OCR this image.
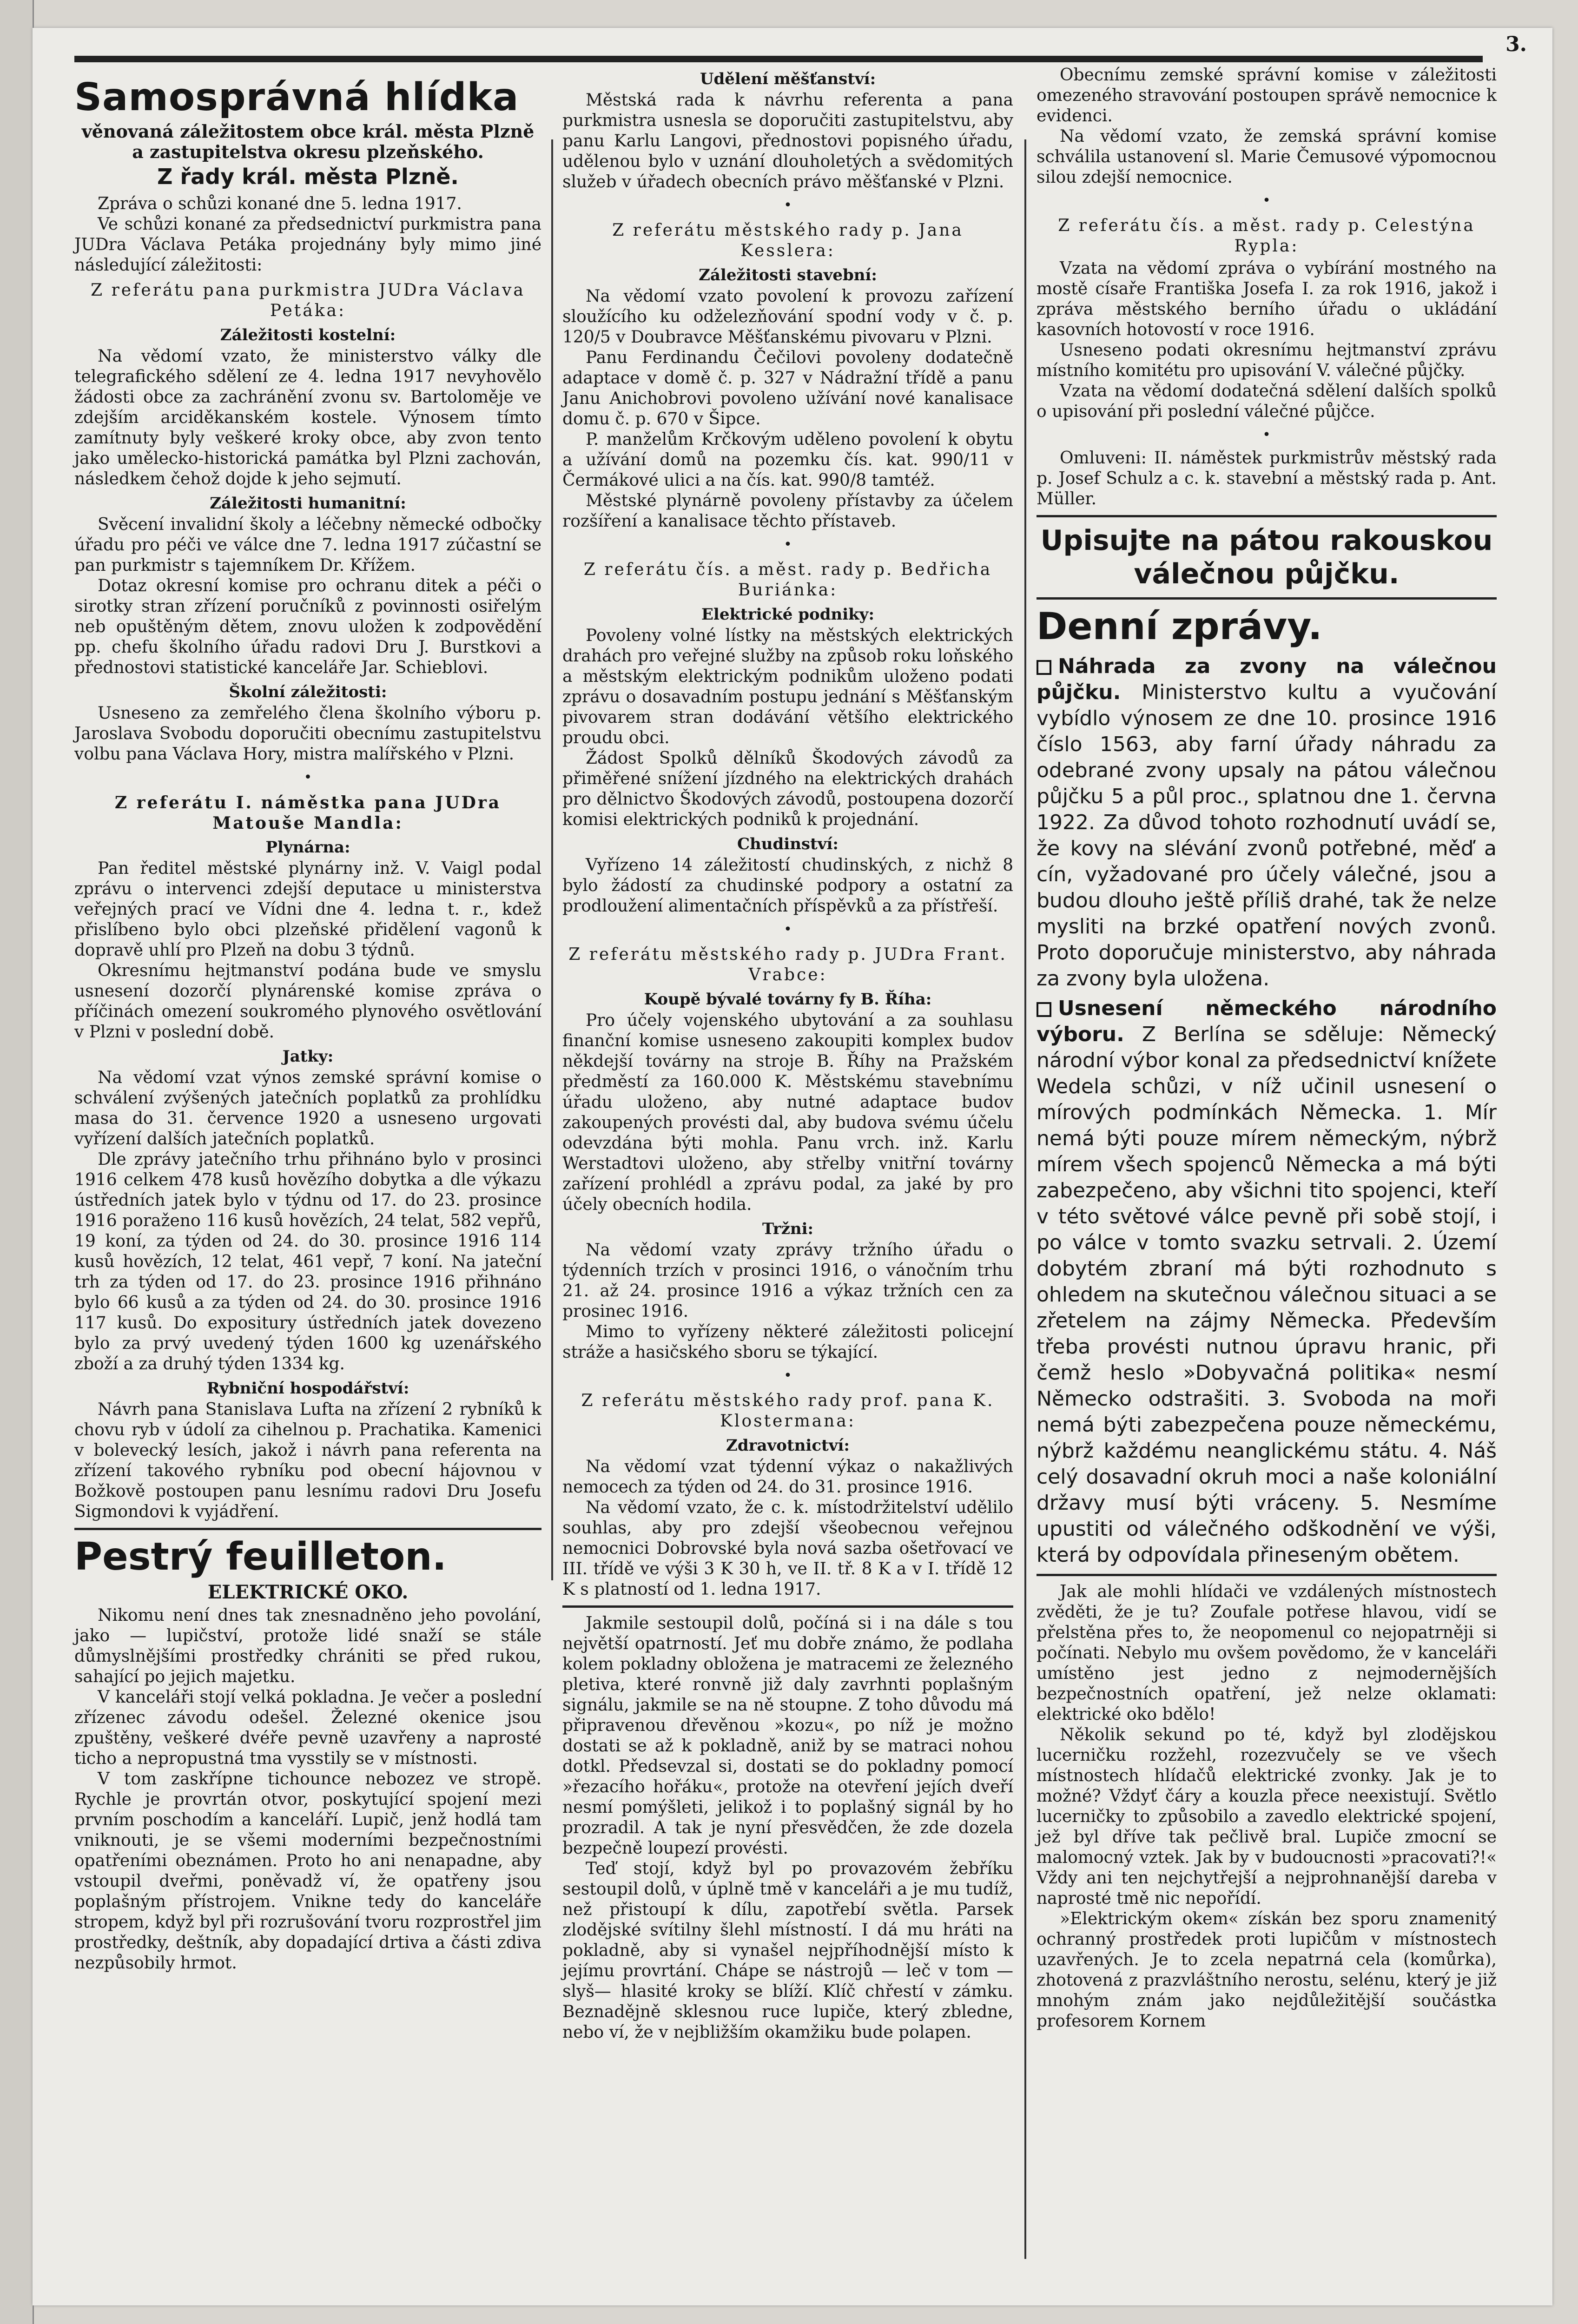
3.
Samosprávná hlídka
věnovaná záležitostem obce král. města Plzně a zastupitelstva okresu plzeňského.
Z řady král. města Plzně.

Zpráva o schůzi konané dne 5. ledna 1917.

Ve schůzi konané za předsednictví purkmistra pana JUDra Václava Petáka projednány byly mimo jiné následující záležitosti:

Z referátu pana purkmistra JUDra Václava Petáka:

Záležitosti kostelní:

Na vědomí vzato, že ministerstvo války dle telegrafického sdělení ze 4. ledna 1917 nevyhovělo žádosti obce za zachránění zvonu sv. Bartoloměje ve zdejším arciděkanském kostele. Výnosem tímto zamítnuty byly veškeré kroky obce, aby zvon tento jako umělecko-historická památka byl Plzni zachován, následkem čehož dojde k jeho sejmutí.

Záležitosti humanitní:

Svěcení invalidní školy a léčebny německé odbočky úřadu pro péči ve válce dne 7. ledna 1917 zúčastní se pan purkmistr s tajemníkem Dr. Křížem.

Dotaz okresní komise pro ochranu ditek a péči o sirotky stran zřízení poručníků z povinnosti osiřelým neb opuštěným dětem, znovu uložen k zodpovědění pp. chefu školního úřadu radovi Dru J. Burstkovi a přednostovi statistické kanceláře Jar. Schieblovi.

Školní záležitosti:

Usneseno za zemřelého člena školního výboru p. Jaroslava Svobodu doporučiti obecnímu zastupitelstvu volbu pana Václava Hory, mistra malířského v Plzni.

•

Z referátu I. náměstka pana JUDra Matouše Mandla:

Plynárna:

Pan ředitel městské plynárny inž. V. Vaigl podal zprávu o intervenci zdejší deputace u ministerstva veřejných prací ve Vídni dne 4. ledna t. r., kdež přislíbeno bylo obci plzeňské přidělení vagonů k dopravě uhlí pro Plzeň na dobu 3 týdnů.

Okresnímu hejtmanství podána bude ve smyslu usnesení dozorčí plynárenské komise zpráva o příčinách omezení soukromého plynového osvětlování v Plzni v poslední době.

Jatky:

Na vědomí vzat výnos zemské správní komise o schválení zvýšených jatečních poplatků za prohlídku masa do 31. července 1920 a usneseno urgovati vyřízení dalších jatečních poplatků.

Dle zprávy jatečního trhu přihnáno bylo v prosinci 1916 celkem 478 kusů hovězího dobytka a dle výkazu ústředních jatek bylo v týdnu od 17. do 23. prosince 1916 poraženo 116 kusů hovězích, 24 telat, 582 vepřů, 19 koní, za týden od 24. do 30. prosince 1916 114 kusů hovězích, 12 telat, 461 vepř, 7 koní. Na jateční trh za týden od 17. do 23. prosince 1916 přihnáno bylo 66 kusů a za týden od 24. do 30. prosince 1916 117 kusů. Do expositury ústředních jatek dovezeno bylo za prvý uvedený týden 1600 kg uzenářského zboží a za druhý týden 1334 kg.

Rybniční hospodářství:

Návrh pana Stanislava Lufta na zřízení 2 rybníků k chovu ryb v údolí za cihelnou p. Prachatika. Kamenici v bolevecký lesích, jakož i návrh pana referenta na zřízení takového rybníku pod obecní hájovnou v Božkově postoupen panu lesnímu radovi Dru Josefu Sigmondovi k vyjádření.

Pestrý feuilleton.
ELEKTRICKÉ OKO.

Nikomu není dnes tak znesnadněno jeho povolání, jako — lupičství, protože lidé snaží se stále důmyslnějšími prostředky chrániti se před rukou, sahající po jejich majetku.

V kanceláři stojí velká pokladna. Je večer a poslední zřízenec závodu odešel. Železné okenice jsou zpuštěny, veškeré dvéře pevně uzavřeny a naprosté ticho a nepropustná tma vysstily se v místnosti.

V tom zaskřípne tichounce nebozez ve stropě. Rychle je provrtán otvor, poskytující spojení mezi prvním poschodím a kanceláří. Lupič, jenž hodlá tam vniknouti, je se všemi moderními bezpečnostními opatřeními obeznámen. Proto ho ani nenapadne, aby vstoupil dveřmi, poněvadž ví, že opatřeny jsou poplašným přístrojem. Vnikne tedy do kanceláře stropem, když byl při rozrušování tvoru rozprostřel jim prostředky, deštník, aby dopadající drtiva a části zdiva nezpůsobily hrmot.

Udělení měšťanství:

Městská rada k návrhu referenta a pana purkmistra usnesla se doporučiti zastupitelstvu, aby panu Karlu Langovi, přednostovi popisného úřadu, udělenou bylo v uznání dlouholetých a svědomitých služeb v úřadech obecních právo měšťanské v Plzni.

•

Z referátu městského rady p. Jana Kesslera:

Záležitosti stavební:

Na vědomí vzato povolení k provozu zařízení sloužícího ku odželezňování spodní vody v č. p. 120/5 v Doubravce Měšťanskému pivovaru v Plzni.

Panu Ferdinandu Čečilovi povoleny dodatečně adaptace v domě č. p. 327 v Nádražní třídě a panu Janu Anichobrovi povoleno užívání nové kanalisace domu č. p. 670 v Šipce.

P. manželům Krčkovým uděleno povolení k obytu a užívání domů na pozemku čís. kat. 990/11 v Čermákové ulici a na čís. kat. 990/8 tamtéž.

Městské plynárně povoleny přístavby za účelem rozšíření a kanalisace těchto přístaveb.

•

Z referátu čís. a měst. rady p. Bedřicha Buriánka:

Elektrické podniky:

Povoleny volné lístky na městských elektrických drahách pro veřejné služby na způsob roku loňského a městským elektrickým podnikům uloženo podati zprávu o dosavadním postupu jednání s Měšťanským pivovarem stran dodávání většího elektrického proudu obci.

Žádost Spolků dělníků Škodových závodů za přiměřené snížení jízdného na elektrických drahách pro dělnictvo Škodových závodů, postoupena dozorčí komisi elektrických podniků k projednání.

Chudinství:

Vyřízeno 14 záležitostí chudinských, z nichž 8 bylo žádostí za chudinské podpory a ostatní za prodloužení alimentačních příspěvků a za přístřeší.

•

Z referátu městského rady p. JUDra Frant. Vrabce:

Koupě bývalé továrny fy B. Říha:

Pro účely vojenského ubytování a za souhlasu finanční komise usneseno zakoupiti komplex budov někdejší továrny na stroje B. Říhy na Pražském předměstí za 160.000 K. Městskému stavebnímu úřadu uloženo, aby nutné adaptace budov zakoupených provésti dal, aby budova svému účelu odevzdána býti mohla. Panu vrch. inž. Karlu Werstadtovi uloženo, aby střelby vnitřní továrny zařízení prohlédl a zprávu podal, za jaké by pro účely obecních hodila.

Tržni:

Na vědomí vzaty zprávy tržního úřadu o týdenních trzích v prosinci 1916, o vánočním trhu 21. až 24. prosince 1916 a výkaz tržních cen za prosinec 1916.

Mimo to vyřízeny některé záležitosti policejní stráže a hasičského sboru se týkající.

•

Z referátu městského rady prof. pana K. Klostermana:

Zdravotnictví:

Na vědomí vzat týdenní výkaz o nakažlivých nemocech za týden od 24. do 31. prosince 1916.

Na vědomí vzato, že c. k. místodržitelství udělilo souhlas, aby pro zdejší všeobecnou veřejnou nemocnici Dobrovské byla nová sazba ošetřovací ve III. třídě ve výši 3 K 30 h, ve II. tř. 8 K a v I. třídě 12 K s platností od 1. ledna 1917.

Jakmile sestoupil dolů, počíná si i na dále s tou největší opatrností. Jeť mu dobře známo, že podlaha kolem pokladny obložena je matracemi ze železného pletiva, které ronvně již daly zavrhnti poplašným signálu, jakmile se na ně stoupne. Z toho důvodu má připravenou dřevěnou »kozu«, po níž je možno dostati se až k pokladně, aniž by se matraci nohou dotkl. Předsevzal si, dostati se do pokladny pomocí »řezacího hořáku«, protože na otevření jejích dveří nesmí pomýšleti, jelikož i to poplašný signál by ho prozradil. A tak je nyní přesvědčen, že zde dozela bezpečně loupezí provésti.

Teď stojí, když byl po provazovém žebříku sestoupil dolů, v úplně tmě v kanceláři a je mu tudíž, než přistoupí k dílu, zapotřebí světla. Parsek zlodějské svítilny šlehl místností. I dá mu hráti na pokladně, aby si vynašel nejpříhodnější místo k jejímu provrtání. Chápe se nástrojů — leč v tom — slyš— hlasité kroky se blíží. Klíč chřestí v zámku. Beznadějně sklesnou ruce lupiče, který zbledne, nebo ví, že v nejbližším okamžiku bude polapen.

Obecnímu zemské správní komise v záležitosti omezeného stravování postoupen správě nemocnice k evidenci.

Na vědomí vzato, že zemská správní komise schválila ustanovení sl. Marie Čemusové výpomocnou silou zdejší nemocnice.

•

Z referátu čís. a měst. rady p. Celestýna Rypla:

Vzata na vědomí zpráva o vybírání mostného na mostě císaře Františka Josefa I. za rok 1916, jakož i zpráva městského berního úřadu o ukládání kasovních hotovostí v roce 1916.

Usneseno podati okresnímu hejtmanství zprávu místního komitétu pro upisování V. válečné půjčky.

Vzata na vědomí dodatečná sdělení dalších spolků o upisování při poslední válečné půjčce.

•

Omluveni: II. náměstek purkmistrův městský rada p. Josef Schulz a c. k. stavební a městský rada p. Ant. Müller.

Upisujte na pátou rakouskou válečnou půjčku.
Denní zprávy.

Náhrada za zvony na válečnou půjčku. Ministerstvo kultu a vyučování vybídlo výnosem ze dne 10. prosince 1916 číslo 1563, aby farní úřady náhradu za odebrané zvony upsaly na pátou válečnou půjčku 5 a půl proc., splatnou dne 1. června 1922. Za důvod tohoto rozhodnutí uvádí se, že kovy na slévání zvonů potřebné, měď a cín, vyžadované pro účely válečné, jsou a budou dlouho ještě příliš drahé, tak že nelze mysliti na brzké opatření nových zvonů. Proto doporučuje ministerstvo, aby náhrada za zvony byla uložena.

Usnesení německého národního výboru. Z Berlína se sděluje: Německý národní výbor konal za předsednictví knížete Wedela schůzi, v níž učinil usnesení o mírových podmínkách Německa. 1. Mír nemá býti pouze mírem německým, nýbrž mírem všech spojenců Německa a má býti zabezpečeno, aby všichni tito spojenci, kteří v této světové válce pevně při sobě stojí, i po válce v tomto svazku setrvali. 2. Území dobytém zbraní má býti rozhodnuto s ohledem na skutečnou válečnou situaci a se zřetelem na zájmy Německa. Především třeba provésti nutnou úpravu hranic, při čemž heslo »Dobyvačná politika« nesmí Německo odstrašiti. 3. Svoboda na moři nemá býti zabezpečena pouze německému, nýbrž každému neanglickému státu. 4. Náš celý dosavadní okruh moci a naše koloniální državy musí býti vráceny. 5. Nesmíme upustiti od válečného odškodnění ve výši, která by odpovídala přineseným obětem.

Jak ale mohli hlídači ve vzdálených místnostech zvěděti, že je tu? Zoufale potřese hlavou, vidí se přelstěna přes to, že neopomenul co nejopatrněji si počínati. Nebylo mu ovšem povědomo, že v kanceláři umístěno jest jedno z nejmodernějších bezpečnostních opatření, jež nelze oklamati: elektrické oko bdělo!

Několik sekund po té, když byl zlodějskou lucerničku rozžehl, rozezvučely se ve všech místnostech hlídačů elektrické zvonky. Jak je to možné? Vždyť čáry a kouzla přece neexistují. Světlo lucerničky to způsobilo a zavedlo elektrické spojení, jež byl dříve tak pečlivě bral. Lupiče zmocní se malomocný vztek. Jak by v budoucnosti »pracovati?!« Vždy ani ten nejchytřejší a nejprohnanější dareba v naprosté tmě nic nepořídí.

»Elektrickým okem« získán bez sporu znamenitý ochranný prostředek proti lupičům v místnostech uzavřených. Je to zcela nepatrná cela (komůrka), zhotovená z prazvláštního nerostu, selénu, který je již mnohým znám jako nejdůležitější součástka profesorem Kornem
